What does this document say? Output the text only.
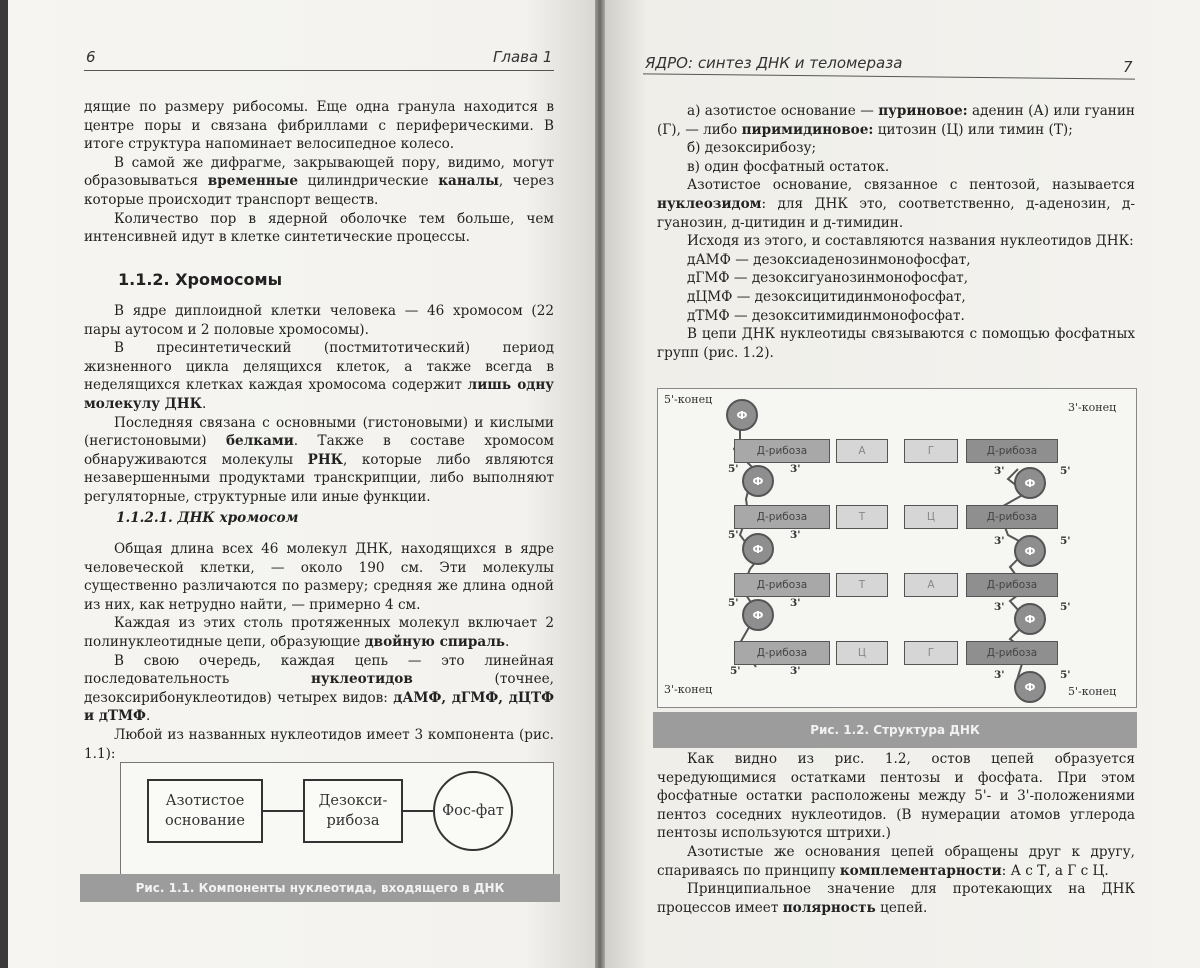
6	Глава 1

дящие по размеру рибосомы. Еще одна гранула находится в центре поры и связана фибриллами с периферическими. В итоге структура напоминает велосипедное колесо.

В самой же дифрагме, закрывающей пору, видимо, могут образовываться временные цилиндрические каналы, через которые происходит транспорт веществ.

Количество пор в ядерной оболочке тем больше, чем интенсивней идут в клетке синтетические процессы.

1.1.2. Хромосомы

В ядре диплоидной клетки человека — 46 хромосом (22 пары аутосом и 2 половые хромосомы).

В пресинтетический (постмитотический) период жизненного цикла делящихся клеток, а также всегда в неделящихся клетках каждая хромосома содержит лишь одну молекулу ДНК.

Последняя связана с основными (гистоновыми) и кислыми (негистоновыми) белками. Также в составе хромосом обнаруживаются молекулы РНК, которые либо являются незавершенными продуктами транскрипции, либо выполняют регуляторные, структурные или иные функции.

1.1.2.1. ДНК хромосом

Общая длина всех 46 молекул ДНК, находящихся в ядре человеческой клетки, — около 190 см. Эти молекулы существенно различаются по размеру; средняя же длина одной из них, как нетрудно найти, — примерно 4 см.

Каждая из этих столь протяженных молекул включает 2 полинуклеотидные цепи, образующие двойную спираль.

В свою очередь, каждая цепь — это линейная последовательность нуклеотидов (точнее, дезоксирибонуклеотидов) четырех видов: дАМФ, дГМФ, дЦТФ и дТМФ.

Любой из названных нуклеотидов имеет 3 компонента (рис. 1.1):

Азотистое основание
Дезокси-рибоза
Фос-фат
Рис. 1.1. Компоненты нуклеотида, входящего в ДНК
ЯДРО: синтез ДНК и теломераза	7

а) азотистое основание — пуриновое: аденин (А) или гуанин (Г), — либо пиримидиновое: цитозин (Ц) или тимин (Т);

б) дезоксирибозу;

в) один фосфатный остаток.

Азотистое основание, связанное с пентозой, называется нуклеозидом: для ДНК это, соответственно, д-аденозин, д-гуанозин, д-цитидин и д-тимидин.

Исходя из этого, и составляются названия нуклеотидов ДНК:

дАМФ — дезоксиаденозинмонофосфат,

дГМФ — дезоксигуанозинмонофосфат,

дЦМФ — дезоксицитидинмонофосфат,

дТМФ — дезокситимидинмонофосфат.

В цепи ДНК нуклеотиды связываются с помощью фосфатных групп (рис. 1.2).

5'-конец
3'-конец
3'-конец	5'-конец
Ф
Д-рибоза	А	Г	Д-рибоза
5'	3'	3'	5'
Ф	Ф
Д-рибоза	Т	Ц	Д-рибоза
5'	3'	3'	5'
Ф	Ф
Д-рибоза	Т	А	Д-рибоза
5'	3'	3'	5'
Ф	Ф
Д-рибоза	Ц	Г	Д-рибоза
5'	3'	3'	5'
Ф
Рис. 1.2. Структура ДНК

Как видно из рис. 1.2, остов цепей образуется чередующимися остатками пентозы и фосфата. При этом фосфатные остатки расположены между 5'- и 3'-положениями пентоз соседних нуклеотидов. (В нумерации атомов углерода пентозы используются штрихи.)

Азотистые же основания цепей обращены друг к другу, спариваясь по принципу комплементарности: А с Т, а Г с Ц.

Принципиальное значение для протекающих на ДНК процессов имеет полярность цепей.
